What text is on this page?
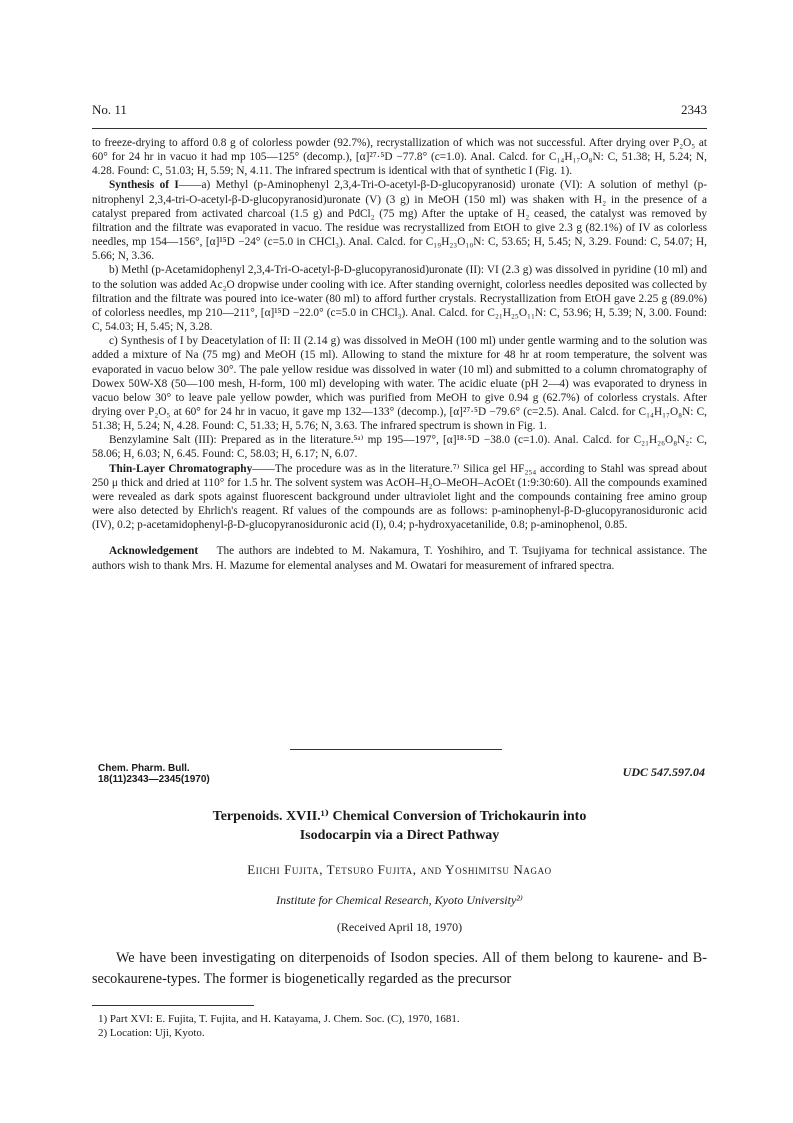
No. 11	2343

to freeze-drying to afford 0.8 g of colorless powder (92.7%), recrystallization of which was not successful. After drying over P₂O₅ at 60° for 24 hr in vacuo it had mp 105—125° (decomp.), [α]²⁷·⁵D −77.8° (c=1.0). Anal. Calcd. for C₁₄H₁₇O₈N: C, 51.38; H, 5.24; N, 4.28. Found: C, 51.03; H, 5.59; N, 4.11. The infrared spectrum is identical with that of synthetic I (Fig. 1).

Synthesis of I——a) Methyl (p-Aminophenyl 2,3,4-Tri-O-acetyl-β-D-glucopyranosid) uronate (VI): A solution of methyl (p-nitrophenyl 2,3,4-tri-O-acetyl-β-D-glucopyranosid)uronate (V) (3 g) in MeOH (150 ml) was shaken with H₂ in the presence of a catalyst prepared from activated charcoal (1.5 g) and PdCl₂ (75 mg) After the uptake of H₂ ceased, the catalyst was removed by filtration and the filtrate was evaporated in vacuo. The residue was recrystallized from EtOH to give 2.3 g (82.1%) of IV as colorless needles, mp 154—156°, [α]¹⁵D −24° (c=5.0 in CHCl₃). Anal. Calcd. for C₁₉H₂₃O₁₀N: C, 53.65; H, 5.45; N, 3.29. Found: C, 54.07; H, 5.66; N, 3.36.

b) Methl (p-Acetamidophenyl 2,3,4-Tri-O-acetyl-β-D-glucopyranosid)uronate (II): VI (2.3 g) was dissolved in pyridine (10 ml) and to the solution was added Ac₂O dropwise under cooling with ice. After standing overnight, colorless needles deposited was collected by filtration and the filtrate was poured into ice-water (80 ml) to afford further crystals. Recrystallization from EtOH gave 2.25 g (89.0%) of colorless needles, mp 210—211°, [α]¹⁵D −22.0° (c=5.0 in CHCl₃). Anal. Calcd. for C₂₁H₂₅O₁₁N: C, 53.96; H, 5.39; N, 3.00. Found: C, 54.03; H, 5.45; N, 3.28.

c) Synthesis of I by Deacetylation of II: II (2.14 g) was dissolved in MeOH (100 ml) under gentle warming and to the solution was added a mixture of Na (75 mg) and MeOH (15 ml). Allowing to stand the mixture for 48 hr at room temperature, the solvent was evaporated in vacuo below 30°. The pale yellow residue was dissolved in water (10 ml) and submitted to a column chromatography of Dowex 50W-X8 (50—100 mesh, H-form, 100 ml) developing with water. The acidic eluate (pH 2—4) was evaporated to dryness in vacuo below 30° to leave pale yellow powder, which was purified from MeOH to give 0.94 g (62.7%) of colorless crystals. After drying over P₂O₅ at 60° for 24 hr in vacuo, it gave mp 132—133° (decomp.), [α]²⁷·⁵D −79.6° (c=2.5). Anal. Calcd. for C₁₄H₁₇O₈N: C, 51.38; H, 5.24; N, 4.28. Found: C, 51.33; H, 5.76; N, 3.63. The infrared spectrum is shown in Fig. 1.

Benzylamine Salt (III): Prepared as in the literature.⁵ᵃ⁾ mp 195—197°, [α]¹⁸·⁵D −38.0 (c=1.0). Anal. Calcd. for C₂₁H₂₆O₈N₂: C, 58.06; H, 6.03; N, 6.45. Found: C, 58.03; H, 6.17; N, 6.07.

Thin-Layer Chromatography——The procedure was as in the literature.⁷⁾ Silica gel HF₂₅₄ according to Stahl was spread about 250 μ thick and dried at 110° for 1.5 hr. The solvent system was AcOH–H₂O–MeOH–AcOEt (1:9:30:60). All the compounds examined were revealed as dark spots against fluorescent background under ultraviolet light and the compounds containing free amino group were also detected by Ehrlich's reagent. Rf values of the compounds are as follows: p-aminophenyl-β-D-glucopyranosiduronic acid (IV), 0.2; p-acetamidophenyl-β-D-glucopyranosiduronic acid (I), 0.4; p-hydroxyacetanilide, 0.8; p-aminophenol, 0.85.

Acknowledgement The authors are indebted to M. Nakamura, T. Yoshihiro, and T. Tsujiyama for technical assistance. The authors wish to thank Mrs. H. Mazume for elemental analyses and M. Owatari for measurement of infrared spectra.

Chem. Pharm. Bull.
18(11)2343—2345(1970)
UDC 547.597.04
Terpenoids. XVII.¹⁾ Chemical Conversion of Trichokaurin into
Isodocarpin via a Direct Pathway
Eiichi Fujita, Tetsuro Fujita, and Yoshimitsu Nagao
Institute for Chemical Research, Kyoto University²⁾
(Received April 18, 1970)

We have been investigating on diterpenoids of Isodon species. All of them belong to kaurene- and B-secokaurene-types. The former is biogenetically regarded as the precursor

1) Part XVI: E. Fujita, T. Fujita, and H. Katayama, J. Chem. Soc. (C), 1970, 1681.
2) Location: Uji, Kyoto.
